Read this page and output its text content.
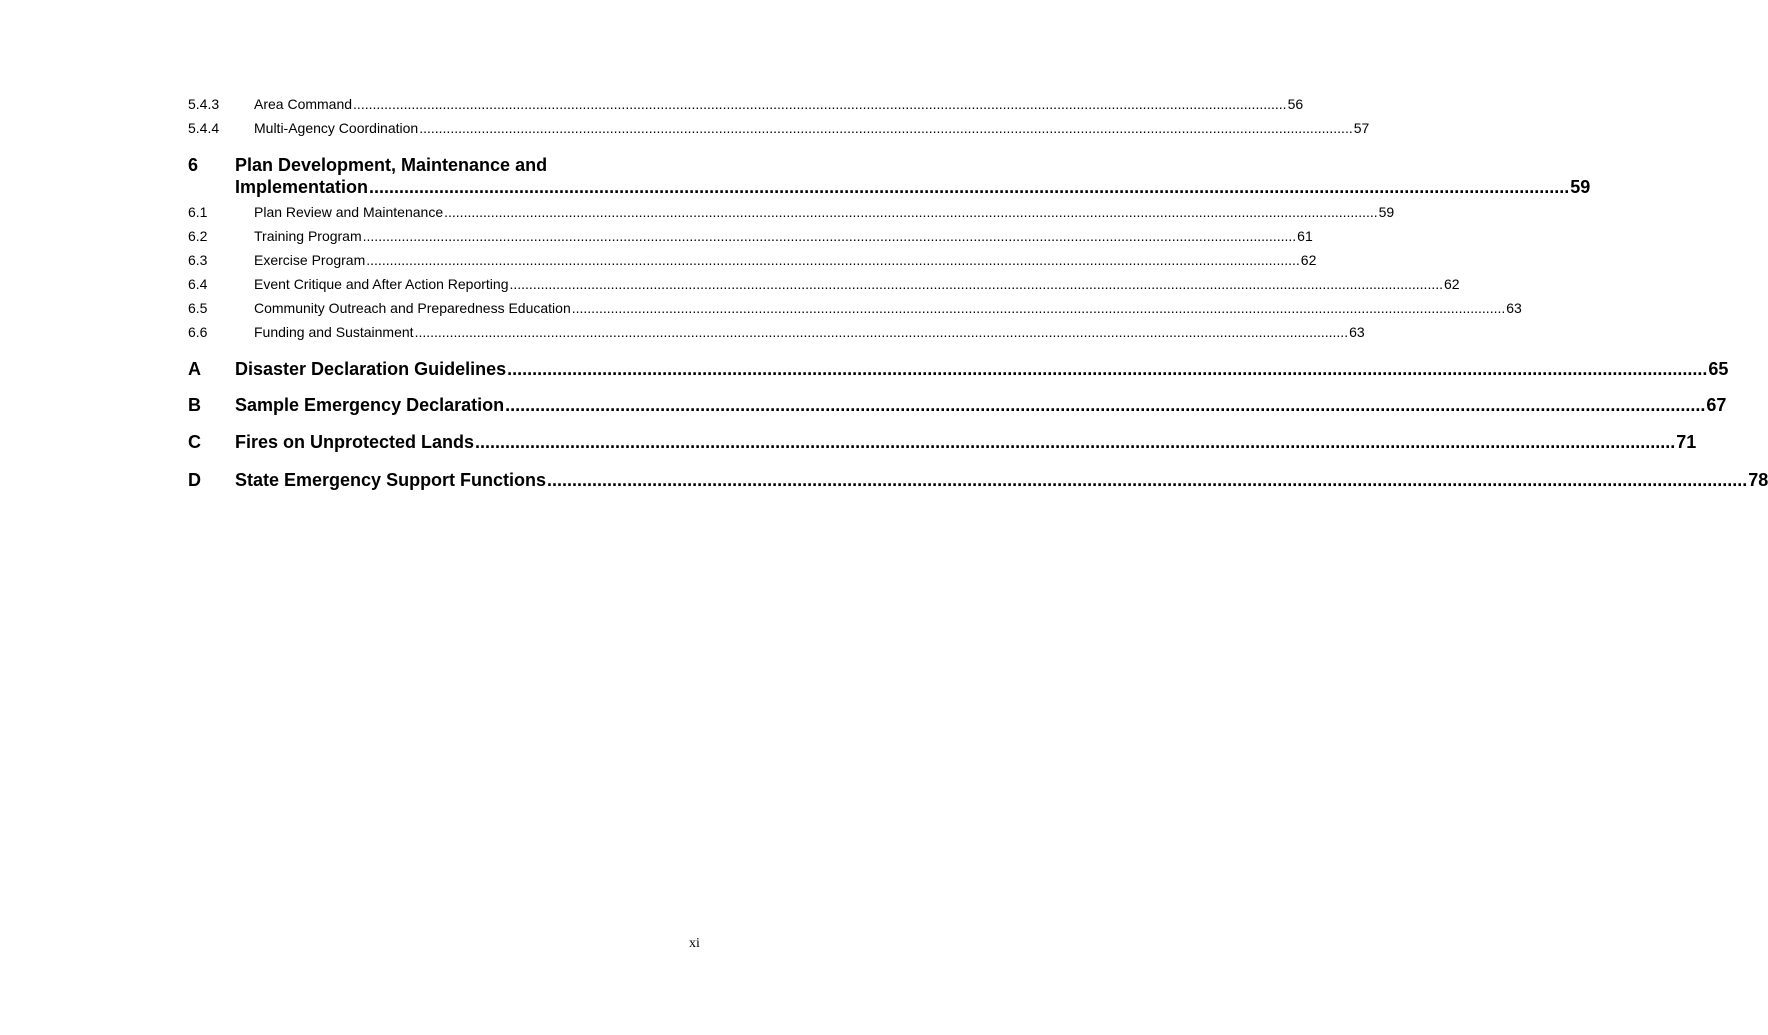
5.4.3	Area Command .....	56
5.4.4	Multi-Agency Coordination .....	57
6	Plan Development, Maintenance and
Implementation .....	59
6.1	Plan Review and Maintenance .....	59
6.2	Training Program .....	61
6.3	Exercise Program .....	62
6.4	Event Critique and After Action Reporting .....	62
6.5	Community Outreach and Preparedness Education .....	63
6.6	Funding and Sustainment .....	63
A	Disaster Declaration Guidelines .....	65
B	Sample Emergency Declaration .....	67
C	Fires on Unprotected Lands .....	71
D	State Emergency Support Functions .....	78
xi
